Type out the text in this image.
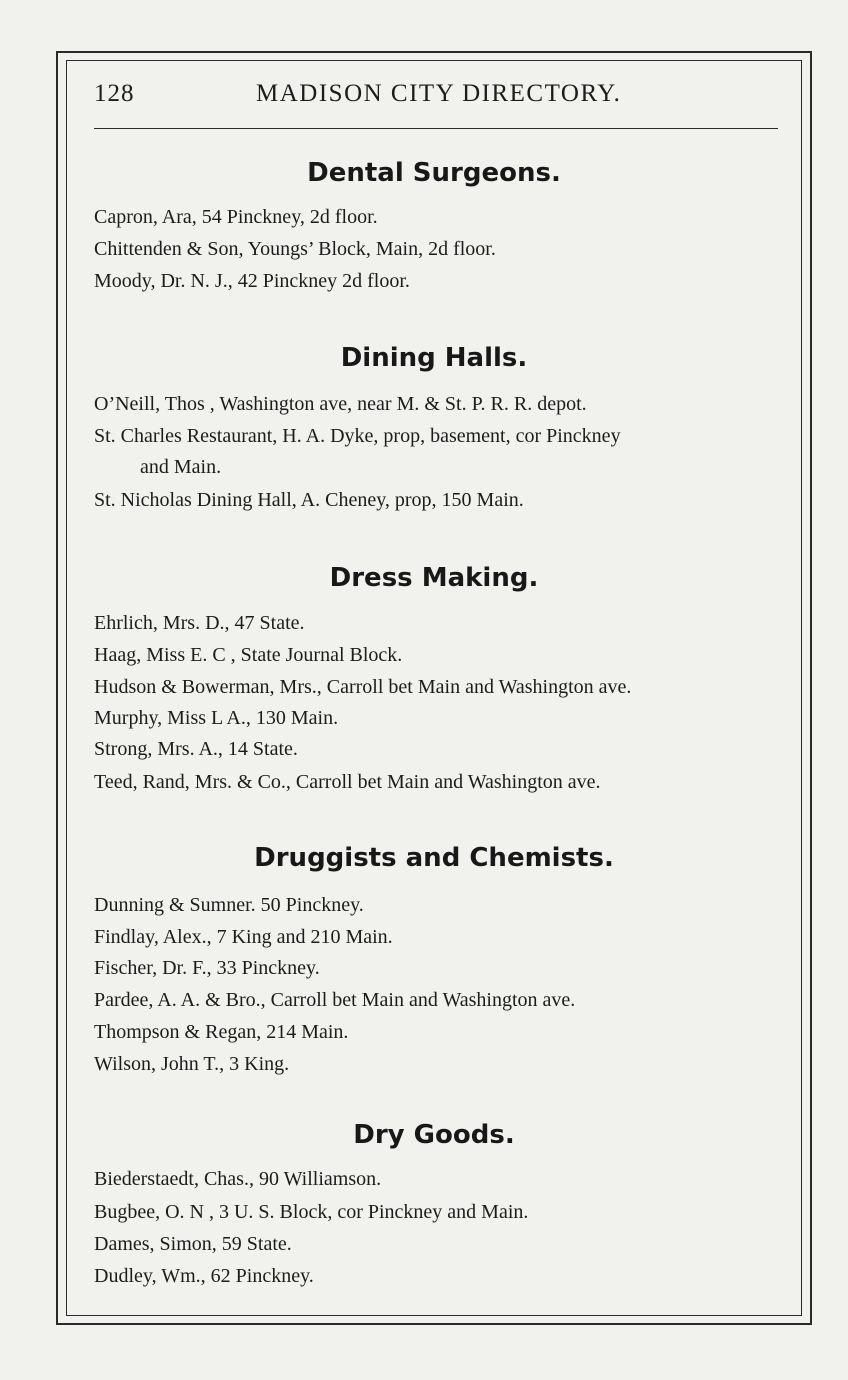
128	MADISON CITY DIRECTORY.
Dental Surgeons.
Capron, Ara, 54 Pinckney, 2d floor.
Chittenden & Son, Youngs’ Block, Main, 2d floor.
Moody, Dr. N. J., 42 Pinckney 2d floor.
Dining Halls.
O’Neill, Thos , Washington ave, near M. & St. P. R. R. depot.
St. Charles Restaurant, H. A. Dyke, prop, basement, cor Pinckney
and Main.
St. Nicholas Dining Hall, A. Cheney, prop, 150 Main.
Dress Making.
Ehrlich, Mrs. D., 47 State.
Haag, Miss E. C , State Journal Block.
Hudson & Bowerman, Mrs., Carroll bet Main and Washington ave.
Murphy, Miss L A., 130 Main.
Strong, Mrs. A., 14 State.
Teed, Rand, Mrs. & Co., Carroll bet Main and Washington ave.
Druggists and Chemists.
Dunning & Sumner. 50 Pinckney.
Findlay, Alex., 7 King and 210 Main.
Fischer, Dr. F., 33 Pinckney.
Pardee, A. A. & Bro., Carroll bet Main and Washington ave.
Thompson & Regan, 214 Main.
Wilson, John T., 3 King.
Dry Goods.
Biederstaedt, Chas., 90 Williamson.
Bugbee, O. N , 3 U. S. Block, cor Pinckney and Main.
Dames, Simon, 59 State.
Dudley, Wm., 62 Pinckney.
